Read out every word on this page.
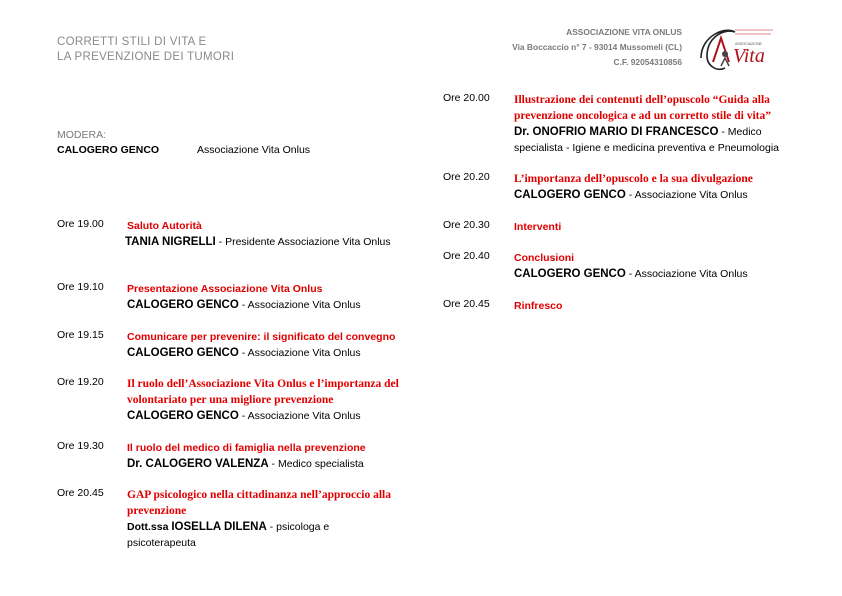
CORRETTI STILI DI VITA E
LA PREVENZIONE DEI TUMORI
ASSOCIAZIONE VITA ONLUS
Via Boccaccio n° 7 - 93014 Mussomeli (CL)
C.F. 92054310856	Vita
ASSOCIAZIONE
MODERA:
CALOGERO GENCO	Associazione Vita Onlus
Ore 19.00 Saluto Autorità
TANIA NIGRELLI - Presidente Associazione Vita Onlus
Ore 19.10 Presentazione Associazione Vita Onlus
CALOGERO GENCO - Associazione Vita Onlus
Ore 19.15 Comunicare per prevenire: il significato del convegno
CALOGERO GENCO - Associazione Vita Onlus
Ore 19.20 Il ruolo dell’Associazione Vita Onlus e l’importanza del volontariato per una migliore prevenzione
CALOGERO GENCO - Associazione Vita Onlus
Ore 19.30 Il ruolo del medico di famiglia nella prevenzione
Dr. CALOGERO VALENZA - Medico specialista
Ore 20.45 GAP psicologico nella cittadinanza nell’approccio alla prevenzione
Dott.ssa IOSELLA DILENA - psicologa e psicoterapeuta
Ore 20.00 Illustrazione dei contenuti dell’opuscolo “Guida alla prevenzione oncologica e ad un corretto stile di vita”
Dr. ONOFRIO MARIO DI FRANCESCO - Medico specialista - Igiene e medicina preventiva e Pneumologia
Ore 20.20 L’importanza dell’opuscolo e la sua divulgazione
CALOGERO GENCO - Associazione Vita Onlus
Ore 20.30 Interventi
Ore 20.40 Conclusioni
CALOGERO GENCO - Associazione Vita Onlus
Ore 20.45 Rinfresco
